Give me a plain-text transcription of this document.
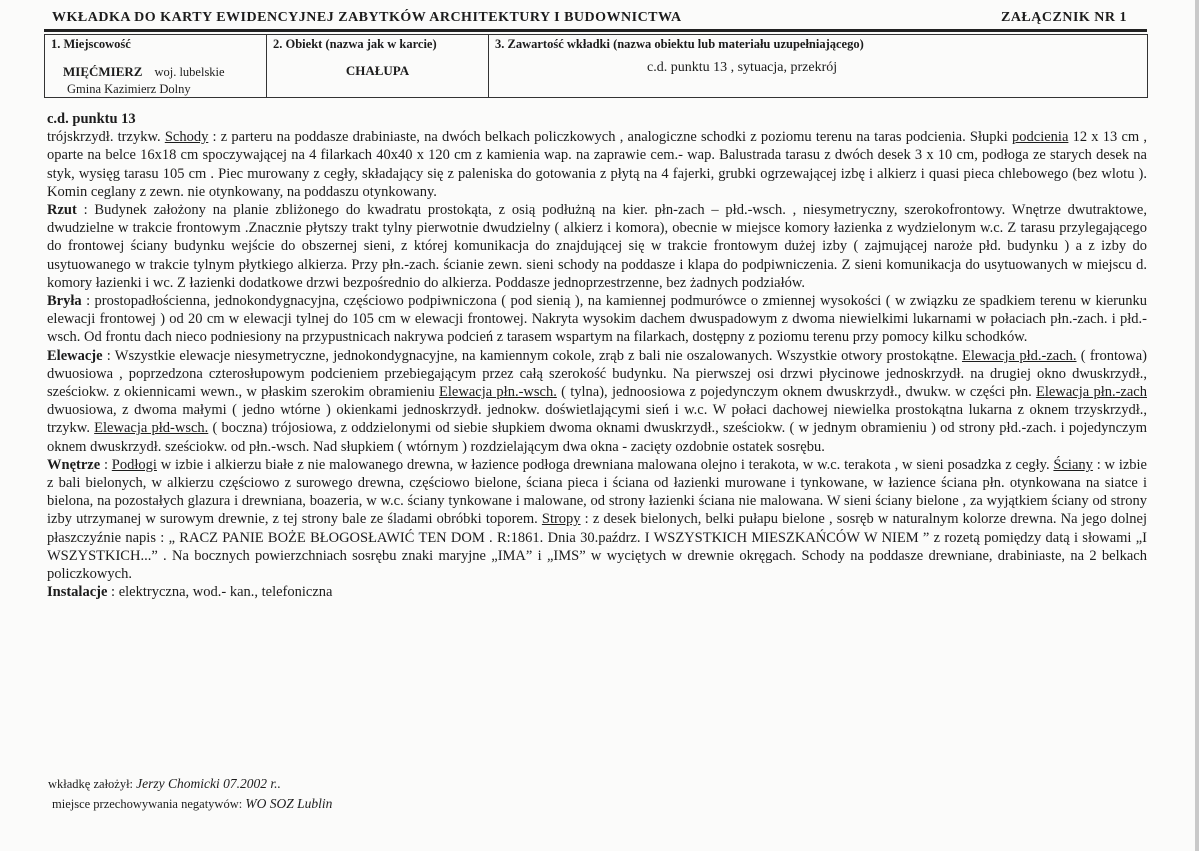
WKŁADKA DO KARTY EWIDENCYJNEJ ZABYTKÓW ARCHITEKTURY I BUDOWNICTWA	ZAŁĄCZNIK NR 1
1. Miejscowość
MIĘĆMIERZ woj. lubelskie
Gmina Kazimierz Dolny

2. Obiekt (nazwa jak w karcie)
CHAŁUPA

3. Zawartość wkładki (nazwa obiektu lub materiału uzupełniającego)
c.d. punktu 13 , sytuacja, przekrój

c.d. punktu 13

trójskrzydł. trzykw. Schody : z parteru na poddasze drabiniaste, na dwóch belkach policzkowych , analogiczne schodki z poziomu terenu na taras podcienia. Słupki podcienia 12 x 13 cm , oparte na belce 16x18 cm spoczywającej na 4 filarkach 40x40 x 120 cm z kamienia wap. na zaprawie cem.- wap. Balustrada tarasu z dwóch desek 3 x 10 cm, podłoga ze starych desek na styk, wysięg tarasu 105 cm . Piec murowany z cegły, składający się z paleniska do gotowania z płytą na 4 fajerki, grubki ogrzewającej izbę i alkierz i quasi pieca chlebowego (bez wlotu ). Komin ceglany z zewn. nie otynkowany, na poddaszu otynkowany.

Rzut : Budynek założony na planie zbliżonego do kwadratu prostokąta, z osią podłużną na kier. płn-zach – płd.-wsch. , niesymetryczny, szerokofrontowy. Wnętrze dwutraktowe, dwudzielne w trakcie frontowym .Znacznie płytszy trakt tylny pierwotnie dwudzielny ( alkierz i komora), obecnie w miejsce komory łazienka z wydzielonym w.c. Z tarasu przylegającego do frontowej ściany budynku wejście do obszernej sieni, z której komunikacja do znajdującej się w trakcie frontowym dużej izby ( zajmującej naroże płd. budynku ) a z izby do usytuowanego w trakcie tylnym płytkiego alkierza. Przy płn.-zach. ścianie zewn. sieni schody na poddasze i klapa do podpiwniczenia. Z sieni komunikacja do usytuowanych w miejscu d. komory łazienki i wc. Z łazienki dodatkowe drzwi bezpośrednio do alkierza. Poddasze jednoprzestrzenne, bez żadnych podziałów.

Bryła : prostopadłościenna, jednokondygnacyjna, częściowo podpiwniczona ( pod sienią ), na kamiennej podmurówce o zmiennej wysokości ( w związku ze spadkiem terenu w kierunku elewacji frontowej ) od 20 cm w elewacji tylnej do 105 cm w elewacji frontowej. Nakryta wysokim dachem dwuspadowym z dwoma niewielkimi lukarnami w połaciach płn.-zach. i płd.-wsch. Od frontu dach nieco podniesiony na przypustnicach nakrywa podcień z tarasem wspartym na filarkach, dostępny z poziomu terenu przy pomocy kilku schodków.

Elewacje : Wszystkie elewacje niesymetryczne, jednokondygnacyjne, na kamiennym cokole, zrąb z bali nie oszalowanych. Wszystkie otwory prostokątne. Elewacja płd.-zach. ( frontowa) dwuosiowa , poprzedzona czterosłupowym podcieniem przebiegającym przez całą szerokość budynku. Na pierwszej osi drzwi płycinowe jednoskrzydł. na drugiej okno dwuskrzydł., sześciokw. z okiennicami wewn., w płaskim szerokim obramieniu Elewacja płn.-wsch. ( tylna), jednoosiowa z pojedynczym oknem dwuskrzydł., dwukw. w części płn. Elewacja płn.-zach dwuosiowa, z dwoma małymi ( jedno wtórne ) okienkami jednoskrzydł. jednokw. doświetlającymi sień i w.c. W połaci dachowej niewielka prostokątna lukarna z oknem trzyskrzydł., trzykw. Elewacja płd-wsch. ( boczna) trójosiowa, z oddzielonymi od siebie słupkiem dwoma oknami dwuskrzydł., sześciokw. ( w jednym obramieniu ) od strony płd.-zach. i pojedynczym oknem dwuskrzydł. sześciokw. od płn.-wsch. Nad słupkiem ( wtórnym ) rozdzielającym dwa okna - zacięty ozdobnie ostatek sosrębu.

Wnętrze : Podłogi w izbie i alkierzu białe z nie malowanego drewna, w łazience podłoga drewniana malowana olejno i terakota, w w.c. terakota , w sieni posadzka z cegły. Ściany : w izbie z bali bielonych, w alkierzu częściowo z surowego drewna, częściowo bielone, ściana pieca i ściana od łazienki murowane i tynkowane, w łazience ściana płn. otynkowana na siatce i bielona, na pozostałych glazura i drewniana, boazeria, w w.c. ściany tynkowane i malowane, od strony łazienki ściana nie malowana. W sieni ściany bielone , za wyjątkiem ściany od strony izby utrzymanej w surowym drewnie, z tej strony bale ze śladami obróbki toporem. Stropy : z desek bielonych, belki pułapu bielone , sosręb w naturalnym kolorze drewna. Na jego dolnej płaszczyźnie napis : „ RACZ PANIE BOŻE BŁOGOSŁAWIĆ TEN DOM . R:1861. Dnia 30.paźdrz. I WSZYSTKICH MIESZKAŃCÓW W NIEM ” z rozetą pomiędzy datą i słowami „I WSZYSTKICH...” . Na bocznych powierzchniach sosrębu znaki maryjne „IMA” i „IMS” w wyciętych w drewnie okręgach. Schody na poddasze drewniane, drabiniaste, na 2 belkach policzkowych.

Instalacje : elektryczna, wod.- kan., telefoniczna

wkładkę założył: Jerzy Chomicki 07.2002 r..
miejsce przechowywania negatywów: WO SOZ Lublin
